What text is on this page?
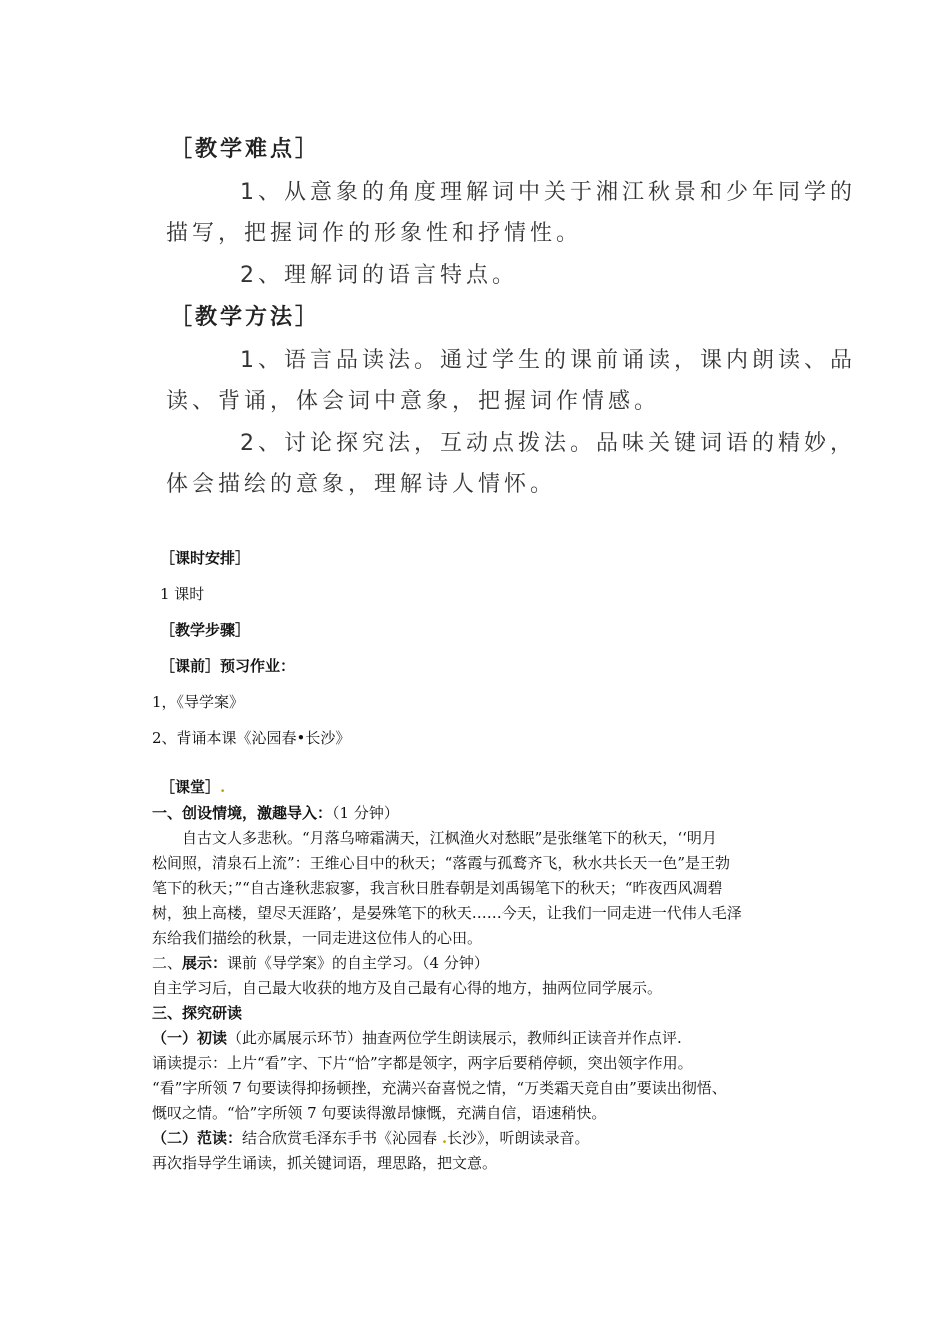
［教学难点］
1、从意象的角度理解词中关于湘江秋景和少年同学的
描写，把握词作的形象性和抒情性。
2、理解词的语言特点。
［教学方法］
1、语言品读法。通过学生的课前诵读，课内朗读、品
读、背诵，体会词中意象，把握词作情感。
2、讨论探究法，互动点拨法。品味关键词语的精妙，
体会描绘的意象，理解诗人情怀。
［课时安排］
1 课时
［教学步骤］
［课前］预习作业：
1，《导学案》
2、背诵本课《沁园春•长沙》
［课堂］.
一、创设情境，激趣导入：（1 分钟）
自古文人多悲秋。“月落乌啼霜满天，江枫渔火对愁眠”是张继笔下的秋天，‘‘明月
松间照，清泉石上流”：王维心目中的秋天；“落霞与孤鹜齐飞，秋水共长天一色”是王勃
笔下的秋天；”“自古逢秋悲寂寥，我言秋日胜春朝是刘禹锡笔下的秋天；“昨夜西风凋碧
树，独上高楼，望尽天涯路’，是晏殊笔下的秋天……今天，让我们一同走进一代伟人毛泽
东给我们描绘的秋景，一同走进这位伟人的心田。
二、展示：课前《导学案》的自主学习。（4 分钟）
自主学习后，自己最大收获的地方及自己最有心得的地方，抽两位同学展示。
三、探究研读
（一）初读（此亦属展示环节）抽查两位学生朗读展示，教师纠正读音并作点评.
诵读提示：上片“看”字、下片“恰”字都是领字，两字后要稍停顿，突出领字作用。
“看”字所领 7 句要读得抑扬顿挫，充满兴奋喜悦之情，“万类霜天竞自由”要读出彻悟、
慨叹之情。“恰”字所领 7 句要读得激昂慷慨，充满自信，语速稍快。
（二）范读：结合欣赏毛泽东手书《沁园春 .长沙》，听朗读录音。
再次指导学生诵读，抓关键词语，理思路，把文意。
